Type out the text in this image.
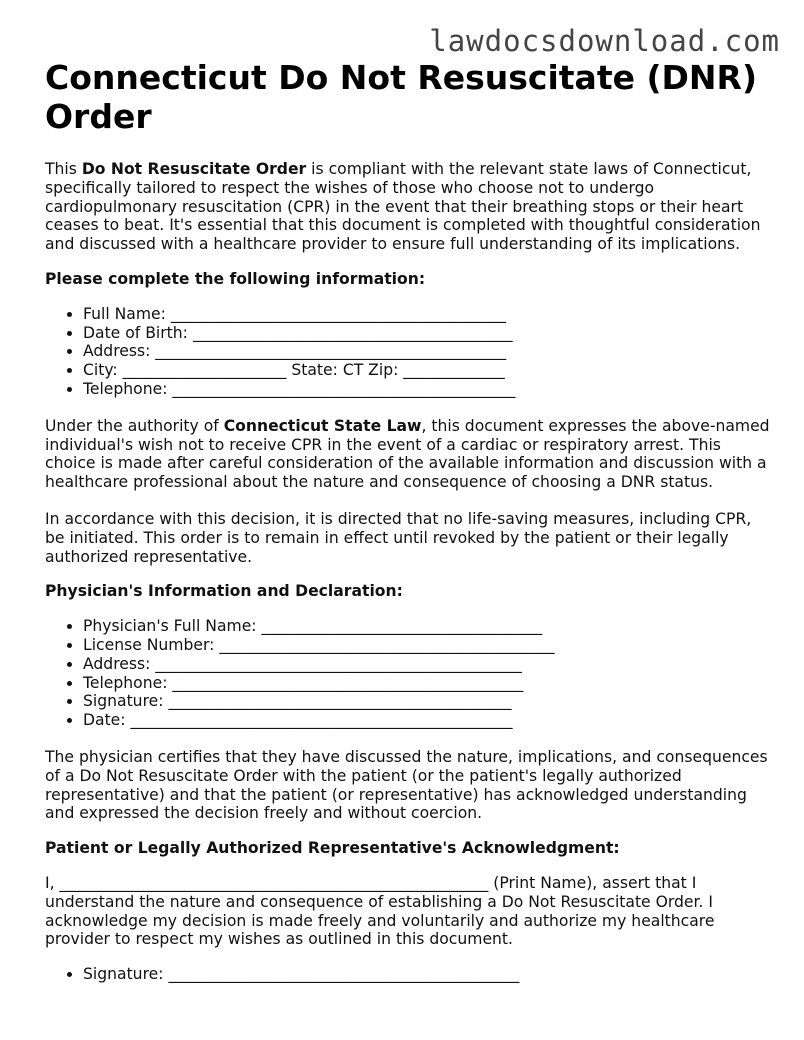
lawdocsdownload.com
Connecticut Do Not Resuscitate (DNR) Order

This Do Not Resuscitate Order is compliant with the relevant state laws of Connecticut, specifically tailored to respect the wishes of those who choose not to undergo cardiopulmonary resuscitation (CPR) in the event that their breathing stops or their heart ceases to beat. It's essential that this document is completed with thoughtful consideration and discussed with a healthcare provider to ensure full understanding of its implications.

Please complete the following information:
• Full Name: ___________________________________________
• Date of Birth: _________________________________________
• Address: _____________________________________________
• City: _____________________ State: CT Zip: _____________
• Telephone: ____________________________________________

Under the authority of Connecticut State Law, this document expresses the above-named individual's wish not to receive CPR in the event of a cardiac or respiratory arrest. This choice is made after careful consideration of the available information and discussion with a healthcare professional about the nature and consequence of choosing a DNR status.

In accordance with this decision, it is directed that no life-saving measures, including CPR, be initiated. This order is to remain in effect until revoked by the patient or their legally authorized representative.

Physician's Information and Declaration:
• Physician's Full Name: ____________________________________
• License Number: ___________________________________________
• Address: _______________________________________________
• Telephone: _____________________________________________
• Signature: ____________________________________________
• Date: _________________________________________________

The physician certifies that they have discussed the nature, implications, and consequences of a Do Not Resuscitate Order with the patient (or the patient's legally authorized representative) and that the patient (or representative) has acknowledged understanding and expressed the decision freely and without coercion.

Patient or Legally Authorized Representative's Acknowledgment:

I, _______________________________________________________ (Print Name), assert that I understand the nature and consequence of establishing a Do Not Resuscitate Order. I acknowledge my decision is made freely and voluntarily and authorize my healthcare provider to respect my wishes as outlined in this document.

• Signature: _____________________________________________
